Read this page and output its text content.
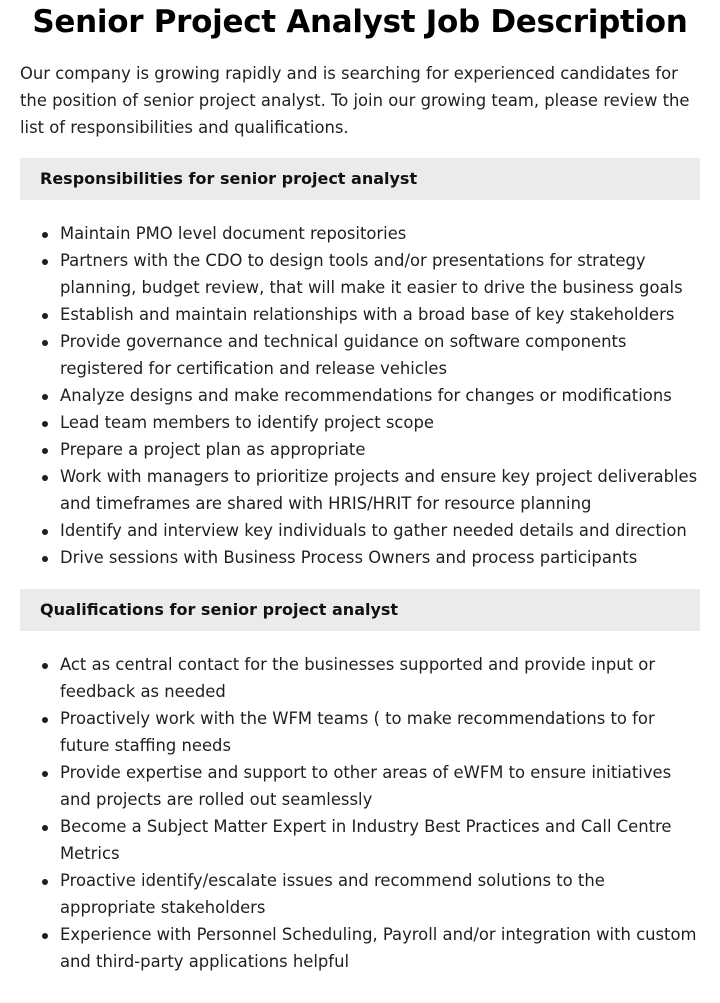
Senior Project Analyst Job Description

Our company is growing rapidly and is searching for experienced candidates for the position of senior project analyst. To join our growing team, please review the list of responsibilities and qualifications.

Responsibilities for senior project analyst
Maintain PMO level document repositories
Partners with the CDO to design tools and/or presentations for strategy planning, budget review, that will make it easier to drive the business goals
Establish and maintain relationships with a broad base of key stakeholders
Provide governance and technical guidance on software components registered for certification and release vehicles
Analyze designs and make recommendations for changes or modifications
Lead team members to identify project scope
Prepare a project plan as appropriate
Work with managers to prioritize projects and ensure key project deliverables and timeframes are shared with HRIS/HRIT for resource planning
Identify and interview key individuals to gather needed details and direction
Drive sessions with Business Process Owners and process participants
Qualifications for senior project analyst
Act as central contact for the businesses supported and provide input or feedback as needed
Proactively work with the WFM teams ( to make recommendations to for future staffing needs
Provide expertise and support to other areas of eWFM to ensure initiatives and projects are rolled out seamlessly
Become a Subject Matter Expert in Industry Best Practices and Call Centre Metrics
Proactive identify/escalate issues and recommend solutions to the appropriate stakeholders
Experience with Personnel Scheduling, Payroll and/or integration with custom and third-party applications helpful
